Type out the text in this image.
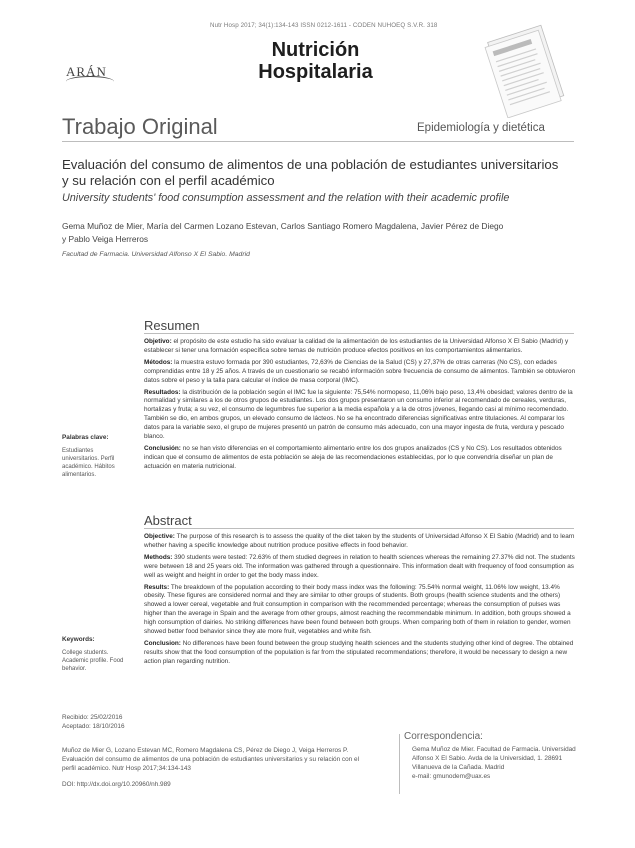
Nutr Hosp 2017; 34(1):134-143 ISSN 0212-1611 - CODEN NUHOEQ S.V.R. 318
ARÁN
Nutrición
Hospitalaria
Trabajo Original	Epidemiología y dietética
Evaluación del consumo de alimentos de una población de estudiantes universitarios
y su relación con el perfil académico
University students' food consumption assessment and the relation with their academic profile
Gema Muñoz de Mier, María del Carmen Lozano Estevan, Carlos Santiago Romero Magdalena, Javier Pérez de Diego
y Pablo Veiga Herreros
Facultad de Farmacia. Universidad Alfonso X El Sabio. Madrid
Resumen

Objetivo: el propósito de este estudio ha sido evaluar la calidad de la alimentación de los estudiantes de la Universidad Alfonso X El Sabio (Madrid) y establecer si tener una formación específica sobre temas de nutrición produce efectos positivos en los comportamientos alimentarios.

Métodos: la muestra estuvo formada por 390 estudiantes, 72,63% de Ciencias de la Salud (CS) y 27,37% de otras carreras (No CS), con edades comprendidas entre 18 y 25 años. A través de un cuestionario se recabó información sobre frecuencia de consumo de alimentos. También se obtuvieron datos sobre el peso y la talla para calcular el índice de masa corporal (IMC).

Resultados: la distribución de la población según el IMC fue la siguiente: 75,54% normopeso, 11,06% bajo peso, 13,4% obesidad; valores dentro de la normalidad y similares a los de otros grupos de estudiantes. Los dos grupos presentaron un consumo inferior al recomendado de cereales, verduras, hortalizas y fruta; a su vez, el consumo de legumbres fue superior a la media española y a la de otros jóvenes, llegando casi al mínimo recomendado. También se dio, en ambos grupos, un elevado consumo de lácteos. No se ha encontrado diferencias significativas entre titulaciones. Al comparar los datos para la variable sexo, el grupo de mujeres presentó un patrón de consumo más adecuado, con una mayor ingesta de fruta, verdura y pescado blanco.

Conclusión: no se han visto diferencias en el comportamiento alimentario entre los dos grupos analizados (CS y No CS). Los resultados obtenidos indican que el consumo de alimentos de esta población se aleja de las recomendaciones establecidas, por lo que convendría diseñar un plan de actuación en materia nutricional.

Palabras clave:
Estudiantes universitarios. Perfil académico. Hábitos alimentarios.
Abstract

Objective: The purpose of this research is to assess the quality of the diet taken by the students of Universidad Alfonso X El Sabio (Madrid) and to learn whether having a specific knowledge about nutrition produce positive effects in food behavior.

Methods: 390 students were tested: 72.63% of them studied degrees in relation to health sciences whereas the remaining 27.37% did not. The students were between 18 and 25 years old. The information was gathered through a questionnaire. This information dealt with frequency of food consumption as well as weight and height in order to get the body mass index.

Results: The breakdown of the population according to their body mass index was the following: 75.54% normal weight, 11.06% low weight, 13.4% obesity. These figures are considered normal and they are similar to other groups of students. Both groups (health science students and the others) showed a lower cereal, vegetable and fruit consumption in comparison with the recommended percentage; whereas the consumption of pulses was higher than the average in Spain and the average from other groups, almost reaching the recommendable minimum. In addition, both groups showed a high consumption of dairies. No striking differences have been found between both groups. When comparing both of them in relation to gender, women showed better food behavior since they ate more fruit, vegetables and white fish.

Conclusion: No differences have been found between the group studying health sciences and the students studying other kind of degree. The obtained results show that the food consumption of the population is far from the stipulated recommendations; therefore, it would be necessary to design a new action plan regarding nutrition.

Keywords:
College students. Academic profile. Food behavior.
Recibido: 25/02/2016
Aceptado: 18/10/2016
Muñoz de Mier G, Lozano Estevan MC, Romero Magdalena CS, Pérez de Diego J, Veiga Herreros P.
Evaluación del consumo de alimentos de una población de estudiantes universitarios y su relación con el
perfil académico. Nutr Hosp 2017;34:134-143
DOI: http://dx.doi.org/10.20960/nh.989
Correspondencia:
Gema Muñoz de Mier. Facultad de Farmacia. Universidad
Alfonso X El Sabio. Avda de la Universidad, 1. 28691
Villanueva de la Cañada. Madrid
e-mail: gmunodem@uax.es
